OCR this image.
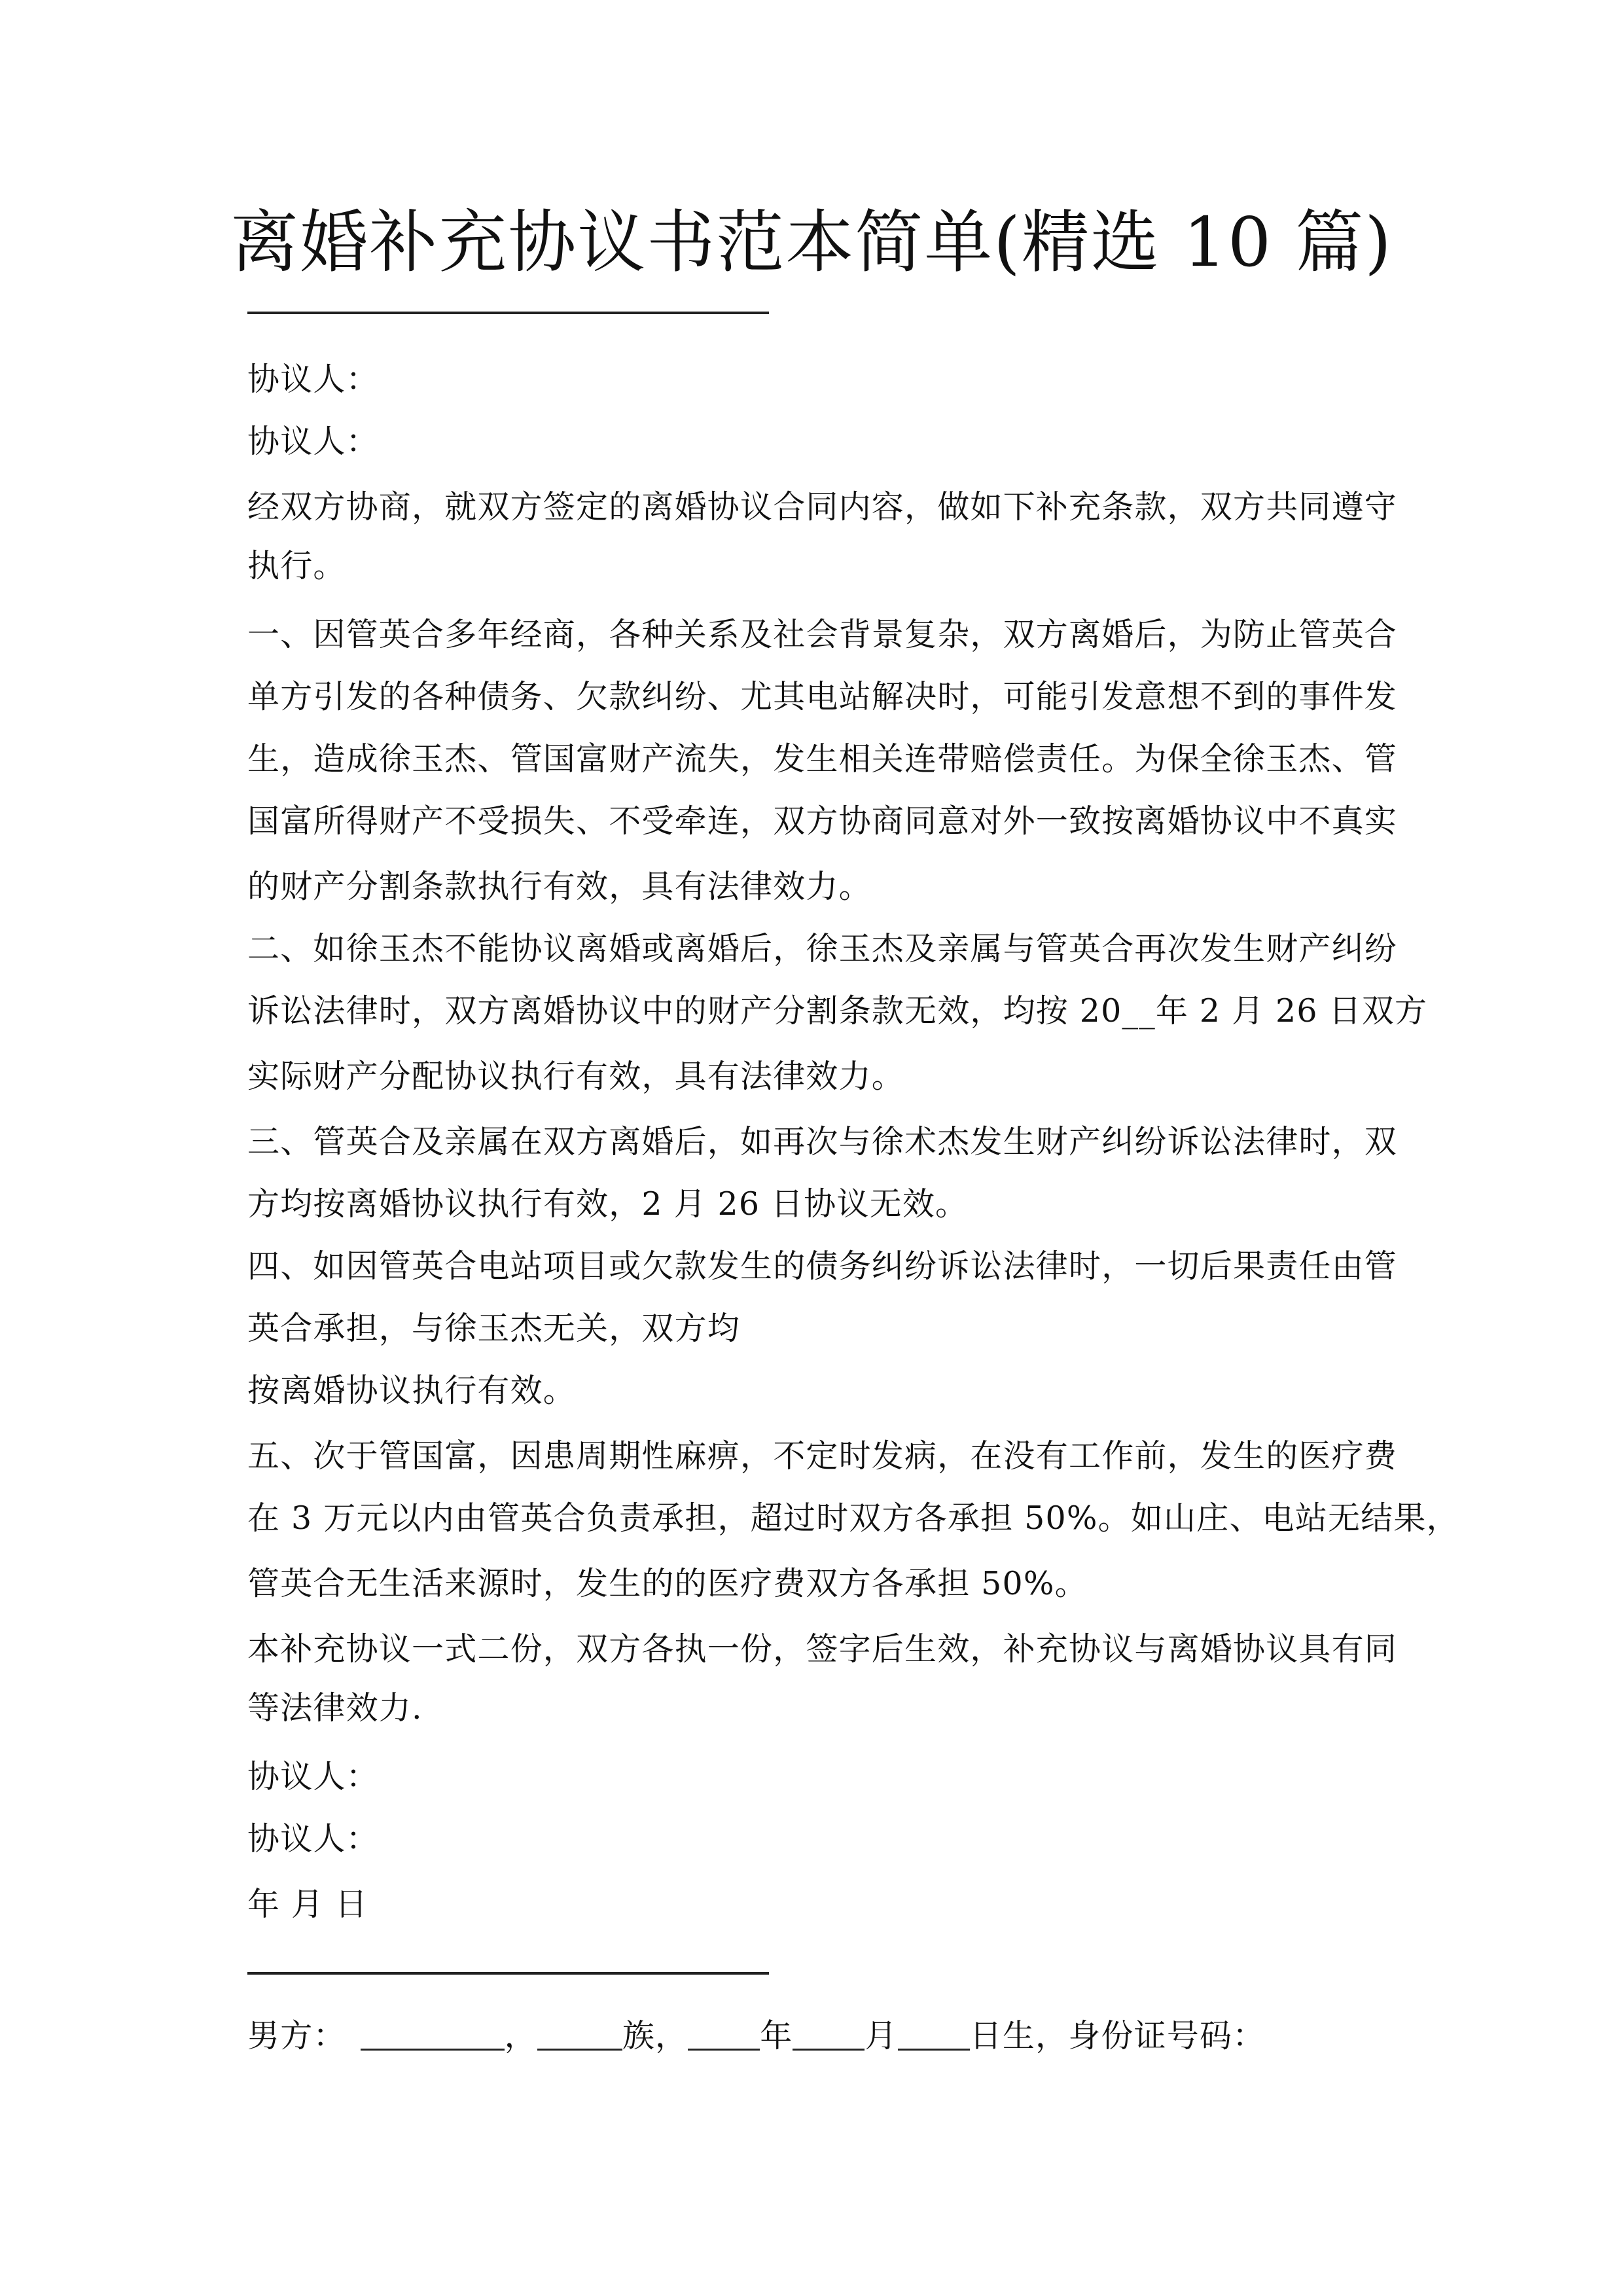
离婚补充协议书范本简单(精选 10 篇)
协议人：
协议人：
经双方协商，就双方签定的离婚协议合同内容，做如下补充条款，双方共同遵守
执行。
一、因管英合多年经商，各种关系及社会背景复杂，双方离婚后，为防止管英合
单方引发的各种债务、欠款纠纷、尤其电站解决时，可能引发意想不到的事件发
生，造成徐玉杰、管国富财产流失，发生相关连带赔偿责任。为保全徐玉杰、管
国富所得财产不受损失、不受牵连，双方协商同意对外一致按离婚协议中不真实
的财产分割条款执行有效，具有法律效力。
二、如徐玉杰不能协议离婚或离婚后，徐玉杰及亲属与管英合再次发生财产纠纷
诉讼法律时，双方离婚协议中的财产分割条款无效，均按 20__年 2 月 26 日双方
实际财产分配协议执行有效，具有法律效力。
三、管英合及亲属在双方离婚后，如再次与徐术杰发生财产纠纷诉讼法律时，双
方均按离婚协议执行有效，2 月 26 日协议无效。
四、如因管英合电站项目或欠款发生的债务纠纷诉讼法律时，一切后果责任由管
英合承担，与徐玉杰无关，双方均
按离婚协议执行有效。
五、次于管国富，因患周期性麻痹，不定时发病，在没有工作前，发生的医疗费
在 3 万元以内由管英合负责承担，超过时双方各承担 50%。如山庄、电站无结果，
管英合无生活来源时，发生的的医疗费双方各承担 50%。
本补充协议一式二份，双方各执一份，签字后生效，补充协议与离婚协议具有同
等法律效力.
协议人：
协议人：
年 月 日
男方：	，	族， 年 月 日生，身份证号码：
